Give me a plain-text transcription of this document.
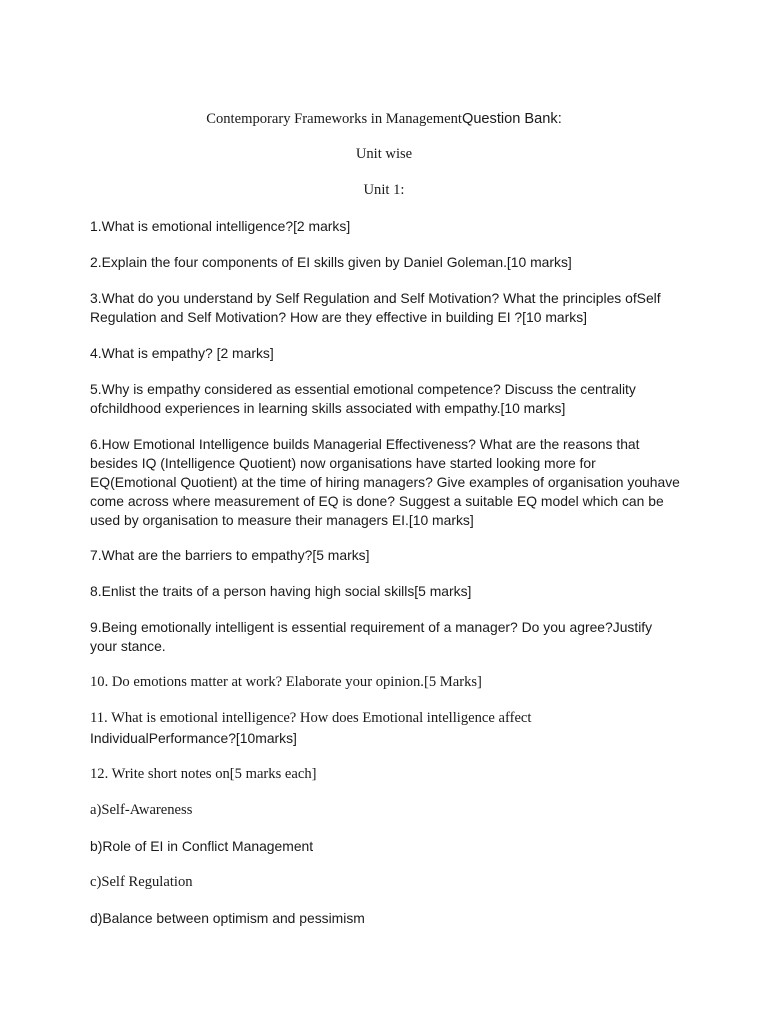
Contemporary Frameworks in ManagementQuestion Bank:
Unit wise
Unit 1:
1.What is emotional intelligence?[2 marks]
2.Explain the four components of EI skills given by Daniel Goleman.[10 marks]
3.What do you understand by Self Regulation and Self Motivation? What the principles ofSelf
Regulation and Self Motivation? How are they effective in building EI ?[10 marks]
4.What is empathy? [2 marks]
5.Why is empathy considered as essential emotional competence? Discuss the centrality
ofchildhood experiences in learning skills associated with empathy.[10 marks]
6.How Emotional Intelligence builds Managerial Effectiveness? What are the reasons that
besides IQ (Intelligence Quotient) now organisations have started looking more for
EQ(Emotional Quotient) at the time of hiring managers? Give examples of organisation youhave
come across where measurement of EQ is done? Suggest a suitable EQ model which can be
used by organisation to measure their managers EI.[10 marks]
7.What are the barriers to empathy?[5 marks]
8.Enlist the traits of a person having high social skills[5 marks]
9.Being emotionally intelligent is essential requirement of a manager? Do you agree?Justify
your stance.
10. Do emotions matter at work? Elaborate your opinion.[5 Marks]
11. What is emotional intelligence? How does Emotional intelligence affect
IndividualPerformance?[10marks]
12. Write short notes on[5 marks each]
a)Self-Awareness
b)Role of EI in Conflict Management
c)Self Regulation
d)Balance between optimism and pessimism
